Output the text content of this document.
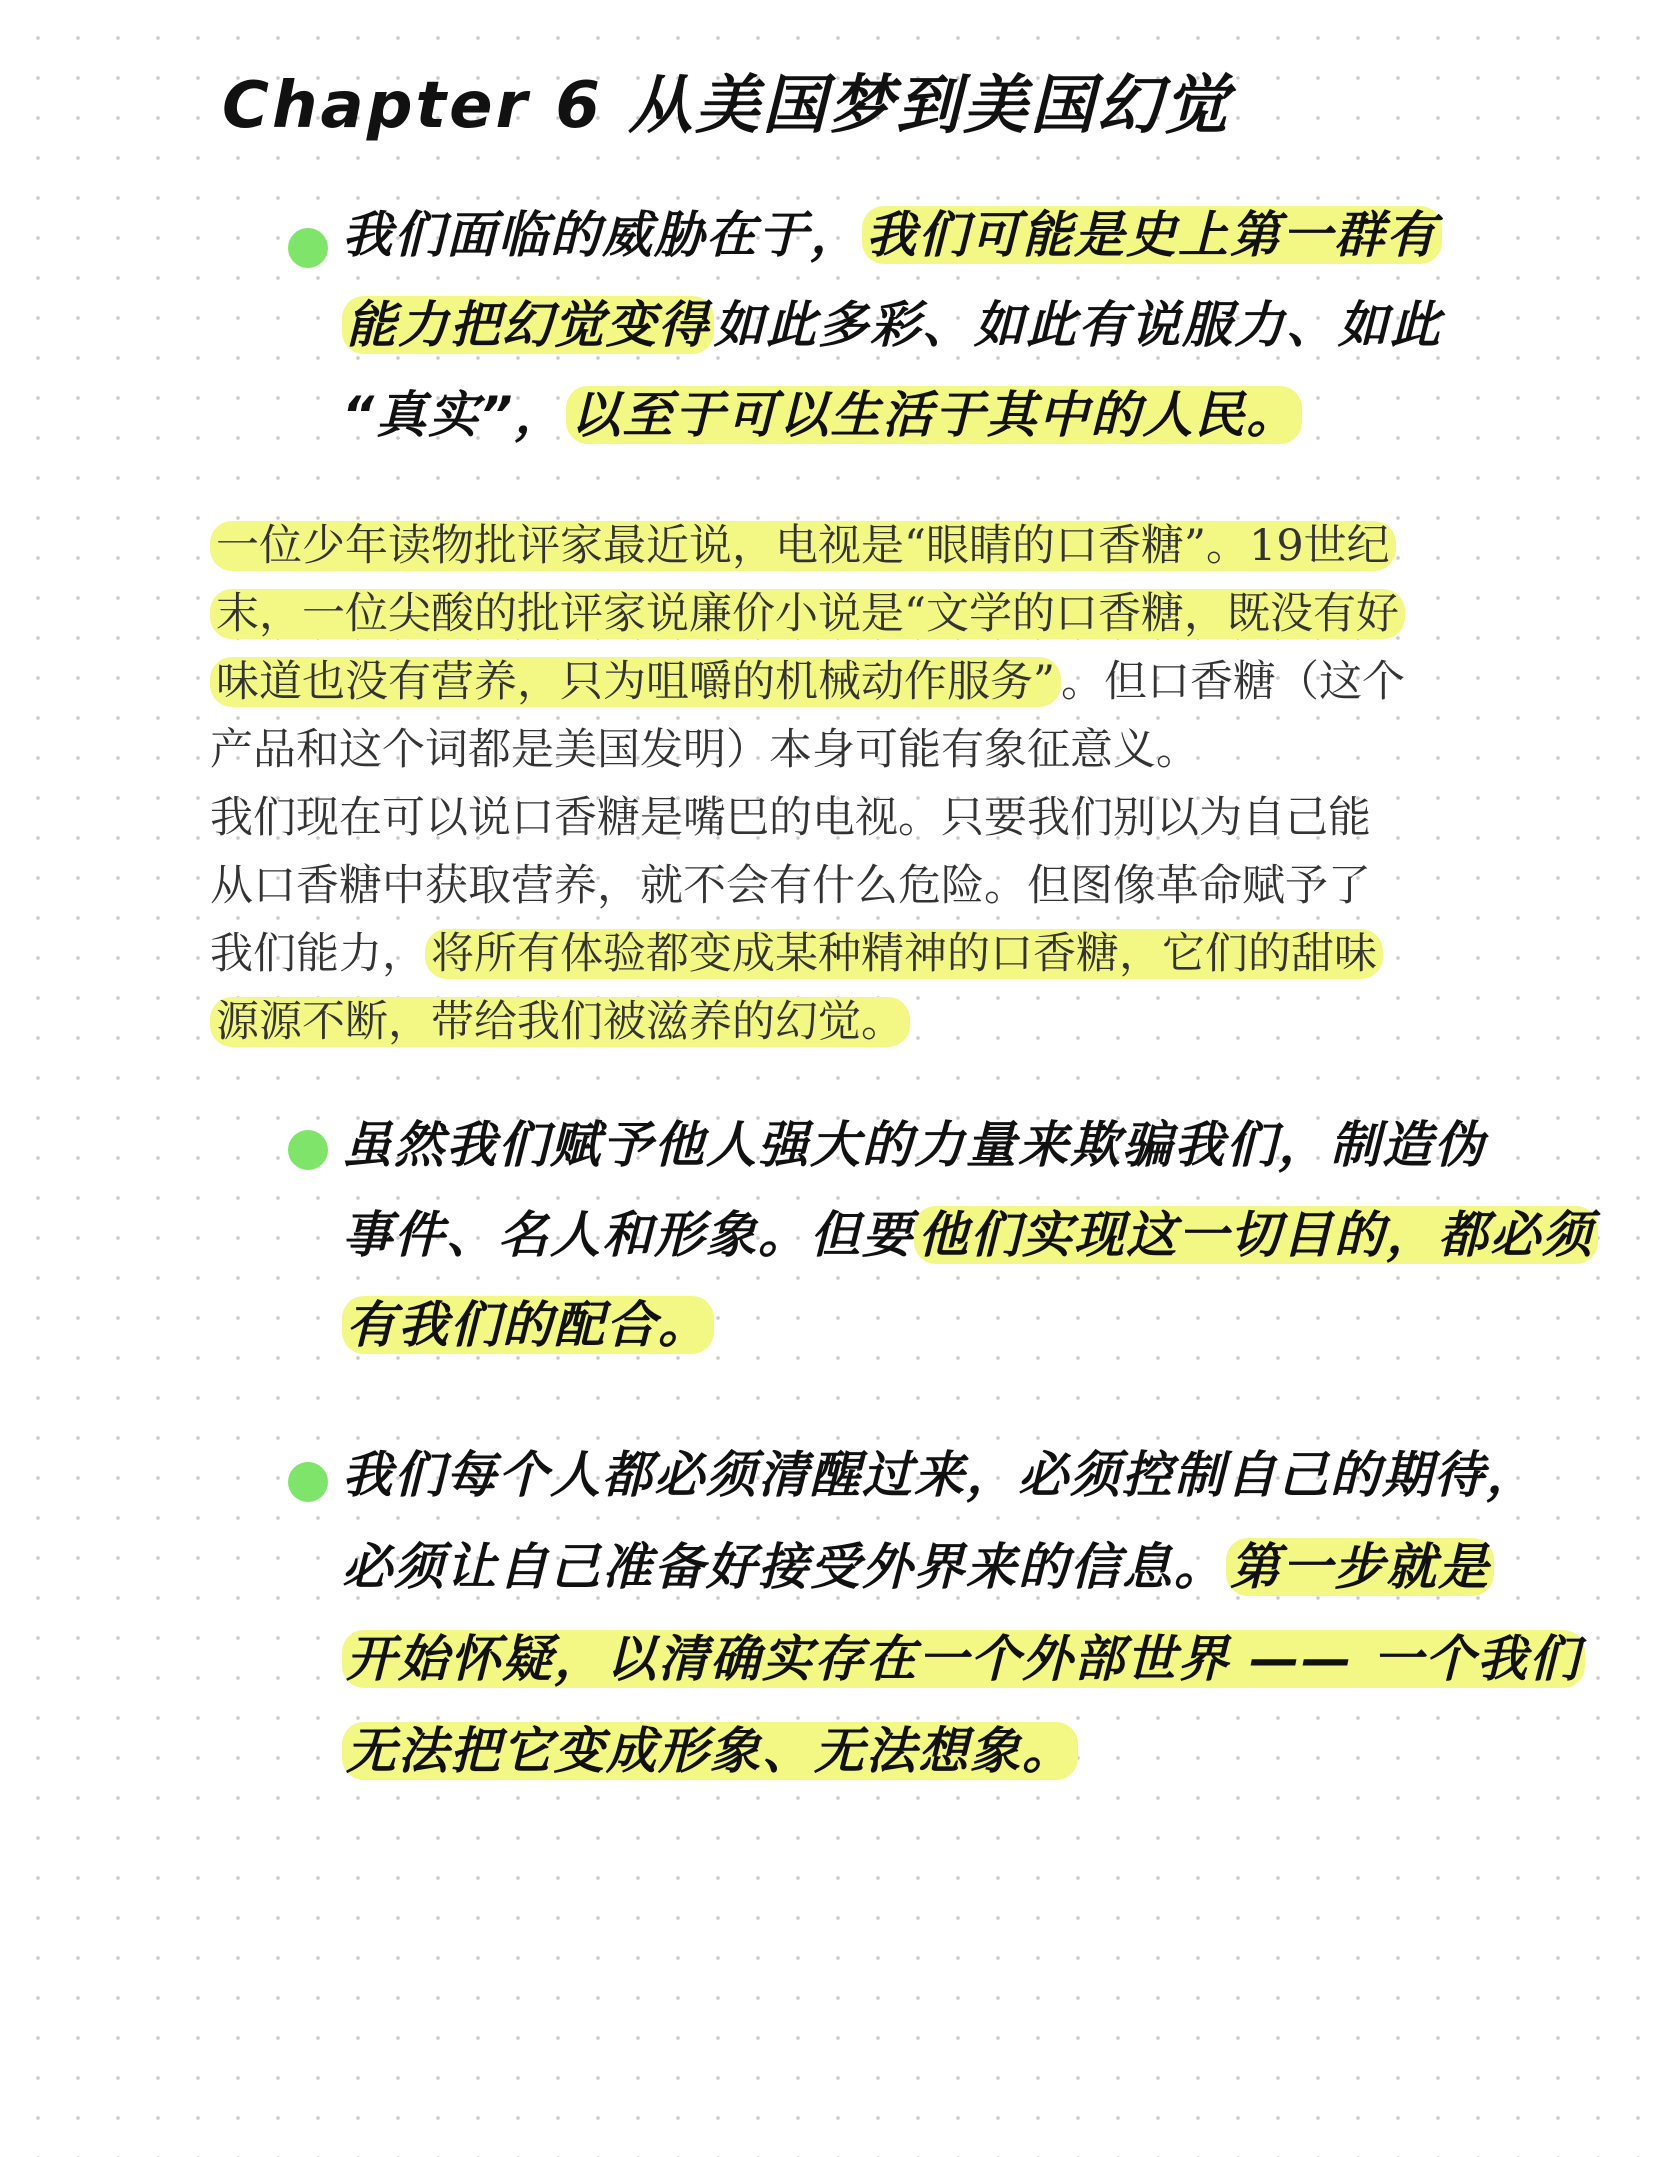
Chapter 6 从美国梦到美国幻觉
我们面临的威胁在于，我们可能是史上第一群有
能力把幻觉变得如此多彩、如此有说服力、如此
“真实”，以至于可以生活于其中的人民。
一位少年读物批评家最近说，电视是“眼睛的口香糖”。19世纪
末，一位尖酸的批评家说廉价小说是“文学的口香糖，既没有好
味道也没有营养，只为咀嚼的机械动作服务” 。但口香糖（这个
产品和这个词都是美国发明）本身可能有象征意义。
我们现在可以说口香糖是嘴巴的电视。只要我们别以为自己能
从口香糖中获取营养，就不会有什么危险。但图像革命赋予了
我们能力， 将所有体验都变成某种精神的口香糖，它们的甜味
源源不断，带给我们被滋养的幻觉。
虽然我们赋予他人强大的力量来欺骗我们，制造伪
事件、名人和形象。但要他们实现这一切目的，都必须
有我们的配合。
我们每个人都必须清醒过来，必须控制自己的期待，
必须让自己准备好接受外界来的信息。第一步就是
开始怀疑，以清确实存在一个外部世界 —— 一个我们
无法把它变成形象、无法想象。
